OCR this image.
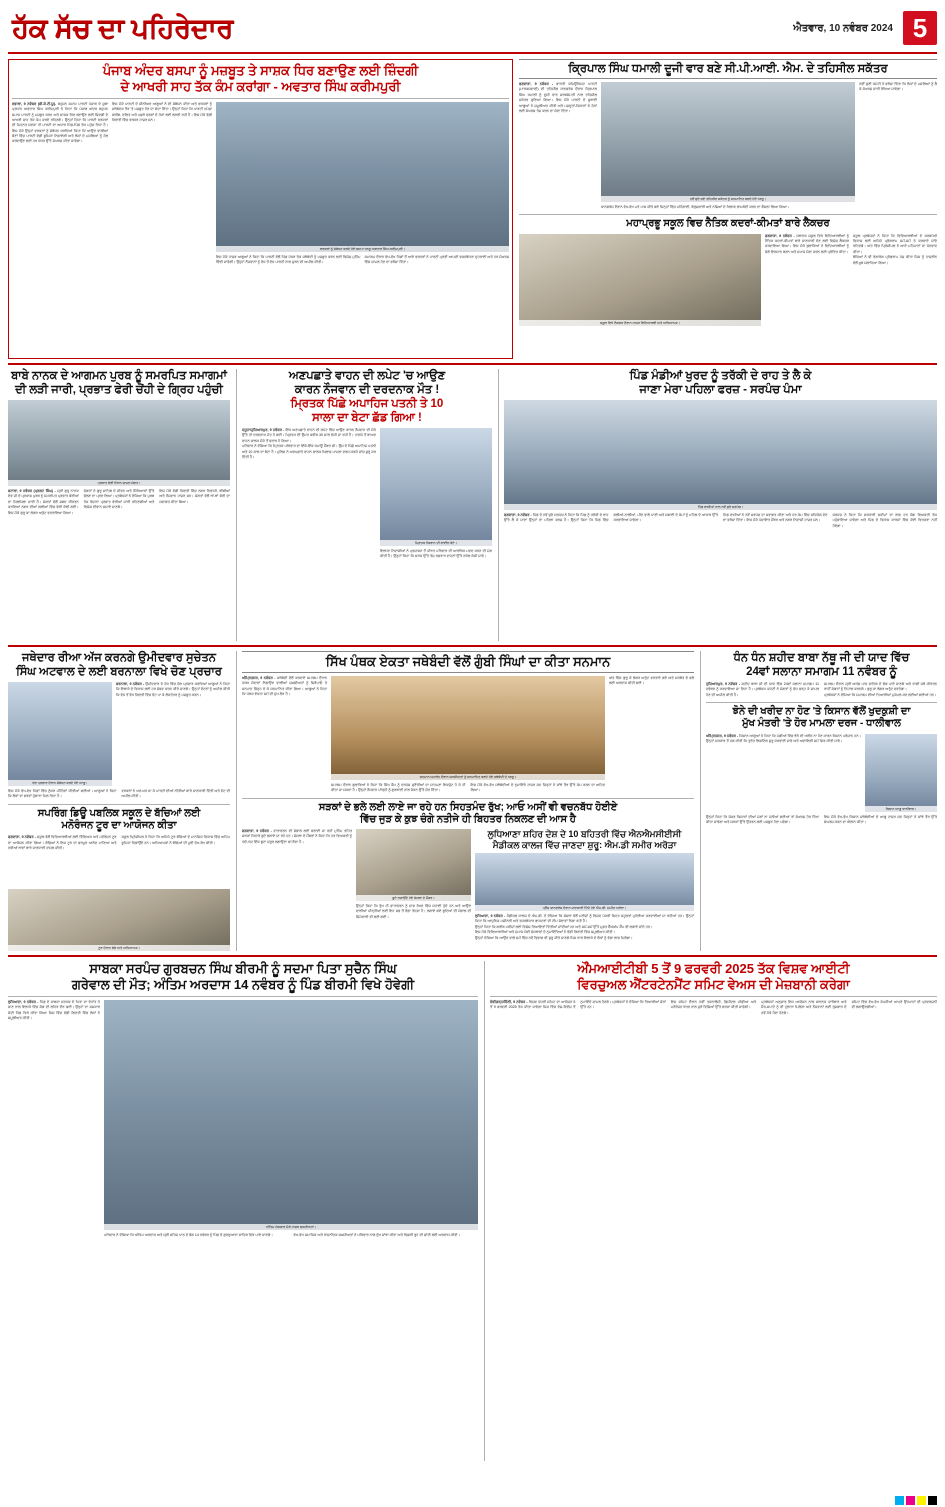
ਹੱਕ ਸੱਚ ਦਾ ਪਹਿਰੇਦਾਰ	ਐਤਵਾਰ, 10 ਨਵੰਬਰ 2024 5
ਪੰਜਾਬ ਅੰਦਰ ਬਸਪਾ ਨੂੰ ਮਜ਼ਬੂਤ ਤੇ ਸਾਸ਼ਕ ਧਿਰ ਬਣਾਉਣ ਲਈ ਜ਼ਿੰਦਗੀ
ਦੇ ਆਖਰੀ ਸਾਹ ਤੱਕ ਕੰਮ ਕਰਾਂਗਾ - ਅਵਤਾਰ ਸਿੰਘ ਕਰੀਮਪੁਰੀ
ਵਡਾਲਾ, 9 ਨਵੰਬਰ (ਬੀ.ਕੇ.ਟੀ.ਯੂ)- ਬਹੁਜਨ ਸਮਾਜ ਪਾਰਟੀ ਪੰਜਾਬ ਦੇ ਸੂਬਾ ਪ੍ਰਧਾਨ ਅਵਤਾਰ ਸਿੰਘ ਕਰੀਮਪੁਰੀ ਨੇ ਕਿਹਾ ਕਿ ਪੰਜਾਬ ਅੰਦਰ ਬਹੁਜਨ ਸਮਾਜ ਪਾਰਟੀ ਨੂੰ ਮਜ਼ਬੂਤ ਕਰਨ ਅਤੇ ਸਾਸ਼ਕ ਧਿਰ ਬਣਾਉਣ ਲਈ ਜ਼ਿੰਦਗੀ ਦੇ ਆਖਰੀ ਸਾਹ ਤੱਕ ਕੰਮ ਕਰਦੇ ਰਹਿਣਗੇ। ਉਨ੍ਹਾਂ ਕਿਹਾ ਕਿ ਪਾਰਟੀ ਵਰਕਰਾਂ ਦੀ ਮਿਹਨਤ ਸਦਕਾ ਹੀ ਪਾਰਟੀ ਦਾ ਅਧਾਰ ਪਿੰਡ-ਪਿੰਡ ਤੱਕ ਪਹੁੰਚ ਰਿਹਾ ਹੈ। ਇਸ ਮੌਕੇ ਉਨ੍ਹਾਂ ਵਰਕਰਾਂ ਨੂੰ ਸੰਬੋਧਨ ਕਰਦਿਆਂ ਕਿਹਾ ਕਿ ਆਉਣ ਵਾਲੀਆਂ ਚੋਣਾਂ ਵਿੱਚ ਪਾਰਟੀ ਵੱਡੀ ਭੂਮਿਕਾ ਨਿਭਾਏਗੀ ਅਤੇ ਲੋਕਾਂ ਦੇ ਮਸਲਿਆਂ ਨੂੰ ਹੱਲ ਕਰਵਾਉਣ ਲਈ ਹਰ ਪੱਧਰ ਉੱਤੇ ਸੰਘਰਸ਼ ਕੀਤਾ ਜਾਵੇਗਾ।
ਇਸ ਮੌਕੇ ਪਾਰਟੀ ਦੇ ਸੀਨੀਅਰ ਆਗੂਆਂ ਨੇ ਵੀ ਸੰਬੋਧਨ ਕੀਤਾ ਅਤੇ ਵਰਕਰਾਂ ਨੂੰ ਜਥੇਬੰਦਕ ਤੌਰ 'ਤੇ ਮਜ਼ਬੂਤ ਹੋਣ ਦਾ ਸੱਦਾ ਦਿੱਤਾ। ਉਨ੍ਹਾਂ ਕਿਹਾ ਕਿ ਪਾਰਟੀ ਹਮੇਸ਼ਾ ਗਰੀਬ, ਦਲਿਤ ਅਤੇ ਪਛੜੇ ਵਰਗਾਂ ਦੇ ਹੱਕਾਂ ਲਈ ਲੜਦੀ ਰਹੀ ਹੈ। ਇਸ ਮੌਕੇ ਵੱਡੀ ਗਿਣਤੀ ਵਿੱਚ ਵਰਕਰ ਹਾਜ਼ਰ ਸਨ।
ਵਰਕਰਾਂ ਨੂੰ ਸੰਬੋਧਨ ਕਰਦੇ ਹੋਏ ਬਸਪਾ ਆਗੂ ਅਵਤਾਰ ਸਿੰਘ ਕਰੀਮਪੁਰੀ।
ਇਸ ਮੌਕੇ ਹਾਜ਼ਰ ਆਗੂਆਂ ਨੇ ਕਿਹਾ ਕਿ ਪਾਰਟੀ ਵੱਲੋਂ ਪਿੰਡ ਪੱਧਰ ਤੱਕ ਜਥੇਬੰਦੀ ਨੂੰ ਮਜ਼ਬੂਤ ਕਰਨ ਲਈ ਵਿਸ਼ੇਸ਼ ਮੁਹਿੰਮ ਵਿੱਢੀ ਜਾਵੇਗੀ। ਉਨ੍ਹਾਂ ਨੌਜਵਾਨਾਂ ਨੂੰ ਵੱਧ ਤੋਂ ਵੱਧ ਪਾਰਟੀ ਨਾਲ ਜੁੜਨ ਦੀ ਅਪੀਲ ਕੀਤੀ।
ਸਮਾਗਮ ਦੌਰਾਨ ਵੱਖ-ਵੱਖ ਪਿੰਡਾਂ ਤੋਂ ਆਏ ਵਰਕਰਾਂ ਨੇ ਪਾਰਟੀ ਪ੍ਰਤੀ ਆਪਣੀ ਵਚਨਬੱਧਤਾ ਦੁਹਰਾਈ ਅਤੇ ਹਰ ਸੰਘਰਸ਼ ਵਿੱਚ ਸ਼ਾਮਲ ਹੋਣ ਦਾ ਭਰੋਸਾ ਦਿੱਤਾ।
ਕ੍ਰਿਪਾਲ ਸਿੰਘ ਧਮਾਲੀ ਦੂਜੀ ਵਾਰ ਬਣੇ ਸੀ.ਪੀ.ਆਈ. ਐਮ. ਦੇ ਤਹਿਸੀਲ ਸਕੱਤਰ
ਫਗਵਾੜਾ, 9 ਨਵੰਬਰ - ਭਾਰਤੀ ਕਮਿਊਨਿਸਟ ਪਾਰਟੀ (ਮਾਰਕਸਵਾਦੀ) ਦੀ ਤਹਿਸੀਲ ਕਾਨਫਰੰਸ ਦੌਰਾਨ ਕ੍ਰਿਪਾਲ ਸਿੰਘ ਧਮਾਲੀ ਨੂੰ ਦੂਜੀ ਵਾਰ ਸਰਬਸੰਮਤੀ ਨਾਲ ਤਹਿਸੀਲ ਸਕੱਤਰ ਚੁਣਿਆ ਗਿਆ। ਇਸ ਮੌਕੇ ਪਾਰਟੀ ਦੇ ਸੂਬਾਈ ਆਗੂਆਂ ਨੇ ਸ਼ਮੂਲੀਅਤ ਕੀਤੀ ਅਤੇ ਮਜ਼ਦੂਰਾਂ-ਕਿਸਾਨਾਂ ਦੇ ਹੱਕਾਂ ਲਈ ਸੰਘਰਸ਼ ਤੇਜ਼ ਕਰਨ ਦਾ ਸੱਦਾ ਦਿੱਤਾ।
ਨਵੇਂ ਚੁਣੇ ਗਏ ਤਹਿਸੀਲ ਸਕੱਤਰ ਨੂੰ ਸਨਮਾਨਿਤ ਕਰਦੇ ਹੋਏ ਆਗੂ।
ਕਾਨਫਰੰਸ ਦੌਰਾਨ ਵੱਖ-ਵੱਖ ਮਤੇ ਪਾਸ ਕੀਤੇ ਗਏ ਜਿਨ੍ਹਾਂ ਵਿੱਚ ਮਹਿੰਗਾਈ, ਬੇਰੁਜ਼ਗਾਰੀ ਅਤੇ ਨਸ਼ਿਆਂ ਦੇ ਖਿਲਾਫ ਲਾਮਬੰਦੀ ਕਰਨ ਦਾ ਫੈਸਲਾ ਲਿਆ ਗਿਆ।
ਨਵੀਂ ਚੁਣੀ ਕਮੇਟੀ ਨੇ ਭਰੋਸਾ ਦਿੱਤਾ ਕਿ ਲੋਕਾਂ ਦੇ ਮਸਲਿਆਂ ਨੂੰ ਲੈ ਕੇ ਸੰਘਰਸ਼ ਜਾਰੀ ਰੱਖਿਆ ਜਾਵੇਗਾ।
ਮਹਾਪ੍ਰਭੂ ਸਕੂਲ ਵਿਚ ਨੈਤਿਕ ਕਦਰਾਂ-ਕੀਮਤਾਂ ਬਾਰੇ ਲੈਕਚਰ
ਸਕੂਲ ਵਿਖੇ ਲੈਕਚਰ ਦੌਰਾਨ ਹਾਜ਼ਰ ਵਿਦਿਆਰਥੀ ਅਤੇ ਅਧਿਆਪਕ।
ਫਗਵਾੜਾ, 9 ਨਵੰਬਰ - ਸਥਾਨਕ ਸਕੂਲ ਵਿਖੇ ਵਿਦਿਆਰਥੀਆਂ ਨੂੰ ਨੈਤਿਕ ਕਦਰਾਂ-ਕੀਮਤਾਂ ਬਾਰੇ ਜਾਣਕਾਰੀ ਦੇਣ ਲਈ ਵਿਸ਼ੇਸ਼ ਲੈਕਚਰ ਕਰਵਾਇਆ ਗਿਆ। ਇਸ ਮੌਕੇ ਬੁਲਾਰਿਆਂ ਨੇ ਵਿਦਿਆਰਥੀਆਂ ਨੂੰ ਚੰਗੇ ਇਨਸਾਨ ਬਣਨ ਅਤੇ ਸਮਾਜ ਸੇਵਾ ਕਰਨ ਲਈ ਪ੍ਰੇਰਿਤ ਕੀਤਾ।
ਸਕੂਲ ਪ੍ਰਬੰਧਕਾਂ ਨੇ ਕਿਹਾ ਕਿ ਵਿਦਿਆਰਥੀਆਂ ਦੇ ਸਰਬਪੱਖੀ ਵਿਕਾਸ ਲਈ ਅਜਿਹੇ ਪ੍ਰੋਗਰਾਮ ਸਮੇਂ-ਸਮੇਂ ਤੇ ਕਰਵਾਏ ਜਾਂਦੇ ਰਹਿਣਗੇ। ਅੰਤ ਵਿੱਚ ਪ੍ਰਿੰਸੀਪਲ ਨੇ ਆਏ ਮਹਿਮਾਨਾਂ ਦਾ ਧੰਨਵਾਦ ਕੀਤਾ।
ਬੱਚਿਆਂ ਨੇ ਵੀ ਰੰਗਾਰੰਗ ਪ੍ਰੋਗਰਾਮ ਪੇਸ਼ ਕੀਤਾ ਜਿਸ ਨੂੰ ਹਾਜ਼ਰੀਨ ਵੱਲੋਂ ਖ਼ੂਬ ਸਲਾਹਿਆ ਗਿਆ।
ਬਾਬੇ ਨਾਨਕ ਦੇ ਆਗਮਨ ਪੁਰਬ ਨੂੰ ਸਮਰਪਿਤ ਸਮਾਗਮਾਂ
ਦੀ ਲੜੀ ਜਾਰੀ, ਪ੍ਰਭਾਤ ਫੇਰੀ ਚੋਂਹੀ ਦੇ ਗ੍ਰਿਹ ਪਹੁੰਚੀ
ਪ੍ਰਭਾਤ ਫੇਰੀ ਦੌਰਾਨ ਸ਼ਾਮਲ ਸੰਗਤ।
ਬਟਾਲਾ, 9 ਨਵੰਬਰ (ਪ੍ਰਗਟ ਸਿੰਘ) - ਸ੍ਰੀ ਗੁਰੂ ਨਾਨਕ ਦੇਵ ਜੀ ਦੇ ਪ੍ਰਕਾਸ਼ ਪੁਰਬ ਨੂੰ ਸਮਰਪਿਤ ਪ੍ਰਭਾਤ ਫੇਰੀਆਂ ਦਾ ਸਿਲਸਿਲਾ ਜਾਰੀ ਹੈ। ਸੰਗਤਾਂ ਵੱਲੋਂ ਸ਼ਬਦ ਕੀਰਤਨ ਕਰਦਿਆਂ ਨਗਰ ਦੀਆਂ ਗਲੀਆਂ ਵਿੱਚ ਫੇਰੀ ਕੱਢੀ ਗਈ। ਇਸ ਮੌਕੇ ਗੁਰੂ ਕਾ ਲੰਗਰ ਅਤੁੱਟ ਵਰਤਾਇਆ ਗਿਆ।
ਸੰਗਤਾਂ ਨੇ ਗੁਰੂ ਸਾਹਿਬ ਦੇ ਜੀਵਨ ਅਤੇ ਸਿੱਖਿਆਵਾਂ ਉੱਤੇ ਚੱਲਣ ਦਾ ਪ੍ਰਣ ਲਿਆ। ਪ੍ਰਬੰਧਕਾਂ ਨੇ ਦੱਸਿਆ ਕਿ ਪੁਰਬ ਤੱਕ ਰੋਜ਼ਾਨਾ ਪ੍ਰਭਾਤ ਫੇਰੀਆਂ ਜਾਰੀ ਰਹਿਣਗੀਆਂ ਅਤੇ ਵਿਸ਼ੇਸ਼ ਦੀਵਾਨ ਸਜਾਏ ਜਾਣਗੇ।
ਇਸ ਮੌਕੇ ਵੱਡੀ ਗਿਣਤੀ ਵਿੱਚ ਨਗਰ ਨਿਵਾਸੀ, ਬੀਬੀਆਂ ਅਤੇ ਨੌਜਵਾਨ ਹਾਜ਼ਰ ਸਨ। ਸੰਗਤਾਂ ਵੱਲੋਂ ਥਾਂ-ਥਾਂ ਫੇਰੀ ਦਾ ਸਵਾਗਤ ਕੀਤਾ ਗਿਆ।
ਅਣਪਛਾਤੇ ਵਾਹਨ ਦੀ ਲਪੇਟ 'ਚ ਆਉਣ
ਕਾਰਨ ਨੌਜਵਾਨ ਦੀ ਦਰਦਨਾਕ ਮੌਤ !
ਮ੍ਰਿਤਕ ਪਿੱਛੇ ਅਪਾਹਿਜ ਪਤਨੀ ਤੇ 10
ਸਾਲਾ ਦਾ ਬੇਟਾ ਛੱਡ ਗਿਆ !
ਦਸੂਹਾ/ਹੁਸ਼ਿਆਰਪੁਰ, 9 ਨਵੰਬਰ - ਇੱਕ ਅਣਪਛਾਤੇ ਵਾਹਨ ਦੀ ਲਪੇਟ ਵਿੱਚ ਆਉਣ ਕਾਰਨ ਨੌਜਵਾਨ ਦੀ ਮੌਕੇ ਉੱਤੇ ਹੀ ਦਰਦਨਾਕ ਮੌਤ ਹੋ ਗਈ। ਮ੍ਰਿਤਕ ਦੀ ਉਮਰ ਕਰੀਬ 30 ਸਾਲ ਦੱਸੀ ਜਾ ਰਹੀ ਹੈ। ਹਾਦਸੇ ਤੋਂ ਬਾਅਦ ਵਾਹਨ ਚਾਲਕ ਮੌਕੇ ਤੋਂ ਫਰਾਰ ਹੋ ਗਿਆ।
ਪਰਿਵਾਰ ਨੇ ਦੱਸਿਆ ਕਿ ਮ੍ਰਿਤਕ ਪਰਿਵਾਰ ਦਾ ਇੱਕੋ-ਇੱਕ ਕਮਾਊ ਮੈਂਬਰ ਸੀ। ਉਸ ਦੇ ਪਿੱਛੇ ਅਪਾਹਿਜ ਪਤਨੀ ਅਤੇ 10 ਸਾਲ ਦਾ ਬੇਟਾ ਹੈ। ਪੁਲਿਸ ਨੇ ਅਣਪਛਾਤੇ ਵਾਹਨ ਚਾਲਕ ਖ਼ਿਲਾਫ਼ ਮਾਮਲਾ ਦਰਜ ਕਰਕੇ ਜਾਂਚ ਸ਼ੁਰੂ ਕਰ ਦਿੱਤੀ ਹੈ।
ਮ੍ਰਿਤਕ ਨੌਜਵਾਨ ਦੀ ਫਾਈਲ ਫੋਟੋ।
ਇਲਾਕਾ ਨਿਵਾਸੀਆਂ ਨੇ ਪ੍ਰਸ਼ਾਸਨ ਤੋਂ ਪੀੜਤ ਪਰਿਵਾਰ ਦੀ ਆਰਥਿਕ ਮਦਦ ਕਰਨ ਦੀ ਮੰਗ ਕੀਤੀ ਹੈ। ਉਨ੍ਹਾਂ ਕਿਹਾ ਕਿ ਸੜਕ ਉੱਤੇ ਤੇਜ਼ ਰਫ਼ਤਾਰ ਵਾਹਨਾਂ ਉੱਤੇ ਨਕੇਲ ਕੱਸੀ ਜਾਵੇ।
ਪਿੰਡ ਮੰਡੀਆਂ ਖੁਰਦ ਨੂੰ ਤਰੱਕੀ ਦੇ ਰਾਹ ਤੇ ਲੈ ਕੇ
ਜਾਣਾ ਮੇਰਾ ਪਹਿਲਾ ਫਰਜ਼ - ਸਰਪੰਚ ਪੰਮਾ
ਪਿੰਡ ਵਾਸੀਆਂ ਨਾਲ ਨਵੇਂ ਚੁਣੇ ਸਰਪੰਚ।
ਫਗਵਾੜਾ, 9 ਨਵੰਬਰ - ਪਿੰਡ ਦੇ ਨਵੇਂ ਚੁਣੇ ਸਰਪੰਚ ਨੇ ਕਿਹਾ ਕਿ ਪਿੰਡ ਨੂੰ ਤਰੱਕੀ ਦੇ ਰਾਹ ਉੱਤੇ ਲੈ ਕੇ ਜਾਣਾ ਉਨ੍ਹਾਂ ਦਾ ਪਹਿਲਾ ਫਰਜ਼ ਹੈ। ਉਨ੍ਹਾਂ ਕਿਹਾ ਕਿ ਪਿੰਡ ਵਿੱਚ ਗਲੀਆਂ-ਨਾਲੀਆਂ, ਪੀਣ ਵਾਲੇ ਪਾਣੀ ਅਤੇ ਸਫਾਈ ਦੇ ਕੰਮਾਂ ਨੂੰ ਪਹਿਲ ਦੇ ਆਧਾਰ ਉੱਤੇ ਕਰਵਾਇਆ ਜਾਵੇਗਾ।
ਪਿੰਡ ਵਾਸੀਆਂ ਨੇ ਨਵੇਂ ਸਰਪੰਚ ਦਾ ਸਵਾਗਤ ਕੀਤਾ ਅਤੇ ਹਰ ਕੰਮ ਵਿੱਚ ਸਹਿਯੋਗ ਦੇਣ ਦਾ ਭਰੋਸਾ ਦਿੱਤਾ। ਇਸ ਮੌਕੇ ਪੰਚਾਇਤ ਮੈਂਬਰ ਅਤੇ ਨਗਰ ਨਿਵਾਸੀ ਹਾਜ਼ਰ ਸਨ।
ਸਰਪੰਚ ਨੇ ਕਿਹਾ ਕਿ ਸਰਕਾਰੀ ਸਕੀਮਾਂ ਦਾ ਲਾਭ ਹਰ ਯੋਗ ਵਿਅਕਤੀ ਤੱਕ ਪਹੁੰਚਾਇਆ ਜਾਵੇਗਾ ਅਤੇ ਪਿੰਡ ਦੇ ਵਿਕਾਸ ਕਾਰਜਾਂ ਵਿੱਚ ਕੋਈ ਵਿਤਕਰਾ ਨਹੀਂ ਹੋਵੇਗਾ।
ਜਥੇਦਾਰ ਰੀਆ ਅੱਜ ਕਰਨਗੇ ਉਮੀਦਵਾਰ ਸੁਚੇਤਨ
ਸਿੰਘ ਅਟਵਾਲ ਦੇ ਲਈ ਬਰਨਾਲਾ ਵਿਖੇ ਚੋਣ ਪ੍ਰਚਾਰ
ਚੋਣ ਪ੍ਰਚਾਰ ਦੌਰਾਨ ਸੰਬੋਧਨ ਕਰਦੇ ਹੋਏ ਆਗੂ।
ਬਰਨਾਲਾ, 9 ਨਵੰਬਰ - ਉਮੀਦਵਾਰ ਦੇ ਹੱਕ ਵਿੱਚ ਚੋਣ ਪ੍ਰਚਾਰ ਕਰਦਿਆਂ ਆਗੂਆਂ ਨੇ ਕਿਹਾ ਕਿ ਇਲਾਕੇ ਦੇ ਵਿਕਾਸ ਲਈ ਹਰ ਸੰਭਵ ਯਤਨ ਕੀਤੇ ਜਾਣਗੇ। ਉਨ੍ਹਾਂ ਵੋਟਰਾਂ ਨੂੰ ਅਪੀਲ ਕੀਤੀ ਕਿ ਵੱਧ ਤੋਂ ਵੱਧ ਗਿਣਤੀ ਵਿੱਚ ਵੋਟ ਪਾ ਕੇ ਲੋਕਤੰਤਰ ਨੂੰ ਮਜ਼ਬੂਤ ਕਰਨ।
ਇਸ ਮੌਕੇ ਵੱਖ-ਵੱਖ ਪਿੰਡਾਂ ਵਿੱਚ ਨੁੱਕੜ ਮੀਟਿੰਗਾਂ ਕੀਤੀਆਂ ਗਈਆਂ। ਆਗੂਆਂ ਨੇ ਕਿਹਾ ਕਿ ਲੋਕਾਂ ਦਾ ਭਰਵਾਂ ਹੁੰਗਾਰਾ ਮਿਲ ਰਿਹਾ ਹੈ।
ਵਰਕਰਾਂ ਨੇ ਘਰ-ਘਰ ਜਾ ਕੇ ਪਾਰਟੀ ਦੀਆਂ ਨੀਤੀਆਂ ਬਾਰੇ ਜਾਣਕਾਰੀ ਦਿੱਤੀ ਅਤੇ ਵੋਟ ਦੀ ਅਪੀਲ ਕੀਤੀ।
ਸਪਰਿੰਗ ਡਿਊ ਪਬਲਿਕ ਸਕੂਲ ਦੇ ਬੱਚਿਆਂ ਲਈ
ਮਨੋਰੰਜਨ ਟੂਰ ਦਾ ਆਯੋਜਨ ਕੀਤਾ
ਫਗਵਾੜਾ, 9 ਨਵੰਬਰ - ਸਕੂਲ ਵੱਲੋਂ ਵਿਦਿਆਰਥੀਆਂ ਲਈ ਵਿੱਦਿਅਕ ਅਤੇ ਮਨੋਰੰਜਨ ਟੂਰ ਦਾ ਆਯੋਜਨ ਕੀਤਾ ਗਿਆ। ਬੱਚਿਆਂ ਨੇ ਇਸ ਟੂਰ ਦਾ ਭਰਪੂਰ ਆਨੰਦ ਮਾਣਿਆ ਅਤੇ ਨਵੀਆਂ ਥਾਵਾਂ ਬਾਰੇ ਜਾਣਕਾਰੀ ਹਾਸਲ ਕੀਤੀ।
ਸਕੂਲ ਪ੍ਰਿੰਸੀਪਲ ਨੇ ਕਿਹਾ ਕਿ ਅਜਿਹੇ ਟੂਰ ਬੱਚਿਆਂ ਦੇ ਮਾਨਸਿਕ ਵਿਕਾਸ ਵਿੱਚ ਅਹਿਮ ਭੂਮਿਕਾ ਨਿਭਾਉਂਦੇ ਹਨ। ਅਧਿਆਪਕਾਂ ਨੇ ਬੱਚਿਆਂ ਦੀ ਪੂਰੀ ਦੇਖ-ਰੇਖ ਕੀਤੀ।
ਟੂਰ ਦੌਰਾਨ ਬੱਚੇ ਅਤੇ ਅਧਿਆਪਕ।
ਸਿੱਖ ਪੰਥਕ ਏਕਤਾ ਜਥੇਬੰਦੀ ਵੱਲੋਂ ਗੁੰਬੀ ਸਿੰਘਾਂ ਦਾ ਕੀਤਾ ਸਨਮਾਨ
ਅੰਮ੍ਰਿਤਸਰ, 9 ਨਵੰਬਰ - ਜਥੇਬੰਦੀ ਵੱਲੋਂ ਕਰਵਾਏ ਸਮਾਗਮ ਦੌਰਾਨ ਪੰਥਕ ਸੇਵਾਵਾਂ ਨਿਭਾਉਣ ਵਾਲੀਆਂ ਸ਼ਖ਼ਸੀਅਤਾਂ ਨੂੰ ਸਿਰੋਪਾਓ ਤੇ ਸਨਮਾਨ ਚਿੰਨ੍ਹ ਦੇ ਕੇ ਸਨਮਾਨਿਤ ਕੀਤਾ ਗਿਆ। ਆਗੂਆਂ ਨੇ ਕਿਹਾ ਕਿ ਪੰਥਕ ਏਕਤਾ ਸਮੇਂ ਦੀ ਮੁੱਖ ਲੋੜ ਹੈ।
ਸਨਮਾਨ ਸਮਾਰੋਹ ਦੌਰਾਨ ਸ਼ਖ਼ਸੀਅਤਾਂ ਨੂੰ ਸਨਮਾਨਿਤ ਕਰਦੇ ਹੋਏ ਜਥੇਬੰਦੀ ਦੇ ਆਗੂ।
ਸਮਾਗਮ ਦੌਰਾਨ ਬੁਲਾਰਿਆਂ ਨੇ ਕਿਹਾ ਕਿ ਸਿੱਖ ਕੌਮ ਨੂੰ ਦਰਪੇਸ਼ ਚੁਣੌਤੀਆਂ ਦਾ ਸਾਹਮਣਾ ਇਕਜੁੱਟ ਹੋ ਕੇ ਹੀ ਕੀਤਾ ਜਾ ਸਕਦਾ ਹੈ। ਉਨ੍ਹਾਂ ਨੌਜਵਾਨ ਪੀੜ੍ਹੀ ਨੂੰ ਗੁਰਬਾਣੀ ਨਾਲ ਜੋੜਨ ਉੱਤੇ ਜ਼ੋਰ ਦਿੱਤਾ।
ਇਸ ਮੌਕੇ ਵੱਖ-ਵੱਖ ਜਥੇਬੰਦੀਆਂ ਦੇ ਨੁਮਾਇੰਦੇ ਹਾਜ਼ਰ ਸਨ ਜਿਨ੍ਹਾਂ ਨੇ ਸਾਂਝੇ ਤੌਰ ਉੱਤੇ ਕੰਮ ਕਰਨ ਦਾ ਅਹਿਦ ਲਿਆ।
ਅੰਤ ਵਿੱਚ ਗੁਰੂ ਕੇ ਲੰਗਰ ਅਤੁੱਟ ਵਰਤਾਏ ਗਏ ਅਤੇ ਸਰਬੱਤ ਦੇ ਭਲੇ ਲਈ ਅਰਦਾਸ ਕੀਤੀ ਗਈ।
ਸੜਕਾਂ ਦੇ ਭਲੇ ਲਈ ਲਾਏ ਜਾ ਰਹੇ ਹਨ ਸਿਹਤਮੰਦ ਰੁੱਖ; ਆਓ ਅਸੀਂ ਵੀ ਵਚਨਬੱਧ ਹੋਈਏ
ਵਿੱਚ ਜੁੜ ਕੇ ਕੁਝ ਚੰਗੇ ਨਤੀਜੇ ਹੀ ਬਿਹਤਰ ਨਿਕਲਣ ਦੀ ਆਸ ਹੈ
ਫਗਵਾੜਾ, 9 ਨਵੰਬਰ - ਵਾਤਾਵਰਨ ਦੀ ਸੰਭਾਲ ਲਈ ਚਲਾਈ ਜਾ ਰਹੀ ਮੁਹਿੰਮ ਤਹਿਤ ਸੜਕਾਂ ਕਿਨਾਰੇ ਬੂਟੇ ਲਗਾਏ ਜਾ ਰਹੇ ਹਨ। ਸੰਸਥਾ ਦੇ ਮੈਂਬਰਾਂ ਨੇ ਕਿਹਾ ਕਿ ਹਰ ਵਿਅਕਤੀ ਨੂੰ ਘੱਟੋ-ਘੱਟ ਇੱਕ ਬੂਟਾ ਜ਼ਰੂਰ ਲਗਾਉਣਾ ਚਾਹੀਦਾ ਹੈ।
ਬੂਟੇ ਲਗਾਉਂਦੇ ਹੋਏ ਸੰਸਥਾ ਦੇ ਮੈਂਬਰ।
ਉਨ੍ਹਾਂ ਕਿਹਾ ਕਿ ਰੁੱਖ ਹੀ ਵਾਤਾਵਰਨ ਨੂੰ ਸਾਫ ਰੱਖਣ ਵਿੱਚ ਸਹਾਈ ਹੁੰਦੇ ਹਨ ਅਤੇ ਆਉਣ ਵਾਲੀਆਂ ਪੀੜ੍ਹੀਆਂ ਲਈ ਇਹ ਸਭ ਤੋਂ ਵੱਡਾ ਤੋਹਫ਼ਾ ਹੈ। ਲਗਾਏ ਗਏ ਬੂਟਿਆਂ ਦੀ ਸੰਭਾਲ ਦੀ ਜ਼ਿੰਮੇਵਾਰੀ ਵੀ ਲਈ ਗਈ।
ਲੁਧਿਆਣਾ ਸ਼ਹਿਰ ਦੇਸ਼ ਦੇ 10 ਬਹਿਤਰੀ ਵਿੱਚ ਐਨਐਮਸੀਈਸੀ
ਮੈਡੀਕਲ ਕਾਲਜ ਵਿੱਚ ਜਾਣਦਾ ਸ਼ੁਰੂ: ਐਮ.ਡੀ ਸਮੀਰ ਅਰੋੜਾ
ਪ੍ਰੈੱਸ ਕਾਨਫਰੰਸ ਦੌਰਾਨ ਜਾਣਕਾਰੀ ਦਿੰਦੇ ਹੋਏ ਐਮ.ਡੀ. ਸਮੀਰ ਅਰੋੜਾ।
ਲੁਧਿਆਣਾ, 9 ਨਵੰਬਰ - ਮੈਡੀਕਲ ਕਾਲਜ ਦੇ ਐਮ.ਡੀ. ਨੇ ਦੱਸਿਆ ਕਿ ਸੰਸਥਾ ਵੱਲੋਂ ਮਰੀਜ਼ਾਂ ਨੂੰ ਵਿਸ਼ਵ ਪੱਧਰੀ ਸਿਹਤ ਸਹੂਲਤਾਂ ਮੁਹੱਈਆ ਕਰਵਾਈਆਂ ਜਾ ਰਹੀਆਂ ਹਨ। ਉਨ੍ਹਾਂ ਕਿਹਾ ਕਿ ਆਧੁਨਿਕ ਮਸ਼ੀਨਰੀ ਅਤੇ ਤਜਰਬੇਕਾਰ ਡਾਕਟਰਾਂ ਦੀ ਟੀਮ ਸੇਵਾਵਾਂ ਨਿਭਾ ਰਹੀ ਹੈ।
ਉਨ੍ਹਾਂ ਕਿਹਾ ਕਿ ਗਰੀਬ ਮਰੀਜ਼ਾਂ ਲਈ ਵਿਸ਼ੇਸ਼ ਰਿਆਇਤਾਂ ਦਿੱਤੀਆਂ ਜਾਂਦੀਆਂ ਹਨ ਅਤੇ ਸਮੇਂ-ਸਮੇਂ ਉੱਤੇ ਮੁਫ਼ਤ ਚੈੱਕਅੱਪ ਕੈਂਪ ਵੀ ਲਗਾਏ ਜਾਂਦੇ ਹਨ।
ਇਸ ਮੌਕੇ ਵਿਦਿਆਰਥੀਆਂ ਅਤੇ ਸਮਾਜ ਸੇਵੀ ਸੰਸਥਾਵਾਂ ਦੇ ਨੁਮਾਇੰਦਿਆਂ ਨੇ ਵੱਡੀ ਗਿਣਤੀ ਵਿੱਚ ਸ਼ਮੂਲੀਅਤ ਕੀਤੀ।
ਉਨ੍ਹਾਂ ਦੱਸਿਆ ਕਿ ਆਉਣ ਵਾਲੇ ਸਮੇਂ ਵਿੱਚ ਨਵੇਂ ਵਿਭਾਗ ਵੀ ਸ਼ੁਰੂ ਕੀਤੇ ਜਾਣਗੇ ਜਿਸ ਨਾਲ ਇਲਾਕੇ ਦੇ ਲੋਕਾਂ ਨੂੰ ਵੱਡਾ ਲਾਭ ਮਿਲੇਗਾ।
ਧੰਨ ਧੰਨ ਸ਼ਹੀਦ ਬਾਬਾ ਨੱਥੂ ਜੀ ਦੀ ਯਾਦ ਵਿੱਚ
24ਵਾਂ ਸਲਾਨਾ ਸਮਾਗਮ 11 ਨਵੰਬਰ ਨੂੰ
ਹੁਸ਼ਿਆਰਪੁਰ, 9 ਨਵੰਬਰ - ਸ਼ਹੀਦ ਬਾਬਾ ਜੀ ਦੀ ਯਾਦ ਵਿੱਚ 24ਵਾਂ ਸਲਾਨਾ ਸਮਾਗਮ 11 ਨਵੰਬਰ ਨੂੰ ਕਰਵਾਇਆ ਜਾ ਰਿਹਾ ਹੈ। ਪ੍ਰਬੰਧਕ ਕਮੇਟੀ ਨੇ ਸੰਗਤਾਂ ਨੂੰ ਵੱਧ ਚੜ੍ਹ ਕੇ ਸ਼ਾਮਲ ਹੋਣ ਦੀ ਅਪੀਲ ਕੀਤੀ ਹੈ।
ਸਮਾਗਮ ਦੌਰਾਨ ਸ੍ਰੀ ਅਖੰਡ ਪਾਠ ਸਾਹਿਬ ਦੇ ਭੋਗ ਪਾਏ ਜਾਣਗੇ ਅਤੇ ਰਾਗੀ ਜਥੇ ਕੀਰਤਨ ਰਾਹੀਂ ਸੰਗਤਾਂ ਨੂੰ ਨਿਹਾਲ ਕਰਨਗੇ। ਗੁਰੂ ਕਾ ਲੰਗਰ ਅਤੁੱਟ ਵਰਤੇਗਾ।
ਪ੍ਰਬੰਧਕਾਂ ਨੇ ਦੱਸਿਆ ਕਿ ਸਮਾਗਮ ਦੀਆਂ ਤਿਆਰੀਆਂ ਮੁਕੰਮਲ ਕਰ ਲਈਆਂ ਗਈਆਂ ਹਨ।
ਝੋਨੇ ਦੀ ਖਰੀਦ ਨਾ ਹੋਣ 'ਤੇ ਕਿਸਾਨ ਵੱਲੋਂ ਖੁਦਕੁਸ਼ੀ ਦਾ
ਮੁੱਖ ਮੰਤਰੀ 'ਤੇ ਹੋਰ ਮਾਮਲਾ ਦਰਜ - ਧਾਲੀਵਾਲ
ਅੰਮ੍ਰਿਤਸਰ, 9 ਨਵੰਬਰ - ਕਿਸਾਨ ਆਗੂਆਂ ਨੇ ਕਿਹਾ ਕਿ ਮੰਡੀਆਂ ਵਿੱਚ ਝੋਨੇ ਦੀ ਖਰੀਦ ਨਾ ਹੋਣ ਕਾਰਨ ਕਿਸਾਨ ਪਰੇਸ਼ਾਨ ਹਨ। ਉਨ੍ਹਾਂ ਸਰਕਾਰ ਤੋਂ ਮੰਗ ਕੀਤੀ ਕਿ ਤੁਰੰਤ ਲਿਫਟਿੰਗ ਸ਼ੁਰੂ ਕਰਵਾਈ ਜਾਵੇ ਅਤੇ ਅਦਾਇਗੀ ਸਮੇਂ ਸਿਰ ਕੀਤੀ ਜਾਵੇ।
ਕਿਸਾਨ ਆਗੂ ਧਾਲੀਵਾਲ।
ਉਨ੍ਹਾਂ ਕਿਹਾ ਕਿ ਜੇਕਰ ਕਿਸਾਨਾਂ ਦੀਆਂ ਮੰਗਾਂ ਨਾ ਮੰਨੀਆਂ ਗਈਆਂ ਤਾਂ ਸੰਘਰਸ਼ ਹੋਰ ਤਿੱਖਾ ਕੀਤਾ ਜਾਵੇਗਾ ਅਤੇ ਸੜਕਾਂ ਉੱਤੇ ਉਤਰਨ ਲਈ ਮਜਬੂਰ ਹੋਣਾ ਪਵੇਗਾ।
ਇਸ ਮੌਕੇ ਵੱਖ-ਵੱਖ ਕਿਸਾਨ ਜਥੇਬੰਦੀਆਂ ਦੇ ਆਗੂ ਹਾਜ਼ਰ ਸਨ ਜਿਨ੍ਹਾਂ ਨੇ ਸਾਂਝੇ ਤੌਰ ਉੱਤੇ ਸੰਘਰਸ਼ ਕਰਨ ਦਾ ਐਲਾਨ ਕੀਤਾ।
ਸਾਬਕਾ ਸਰਪੰਚ ਗੁਰਬਚਨ ਸਿੰਘ ਬੀਰਮੀ ਨੂੰ ਸਦਮਾ ਪਿਤਾ ਸੁਚੈਨ ਸਿੰਘ
ਗਰੇਵਾਲ ਦੀ ਮੌਤ; ਅੰਤਿਮ ਅਰਦਾਸ 14 ਨਵੰਬਰ ਨੂੰ ਪਿੰਡ ਬੀਰਮੀ ਵਿਖੇ ਹੋਵੇਗੀ
ਲੁਧਿਆਣਾ, 9 ਨਵੰਬਰ - ਪਿੰਡ ਦੇ ਸਾਬਕਾ ਸਰਪੰਚ ਦੇ ਪਿਤਾ ਦਾ ਦੇਹਾਂਤ ਹੋ ਜਾਣ ਨਾਲ ਇਲਾਕੇ ਵਿੱਚ ਸੋਗ ਦੀ ਲਹਿਰ ਦੌੜ ਗਈ। ਉਨ੍ਹਾਂ ਦਾ ਸਸਕਾਰ ਜੱਦੀ ਪਿੰਡ ਵਿਖੇ ਕੀਤਾ ਗਿਆ ਜਿਸ ਵਿੱਚ ਵੱਡੀ ਗਿਣਤੀ ਵਿੱਚ ਲੋਕਾਂ ਨੇ ਸ਼ਮੂਲੀਅਤ ਕੀਤੀ।
ਅੰਤਿਮ ਸੰਸਕਾਰ ਮੌਕੇ ਹਾਜ਼ਰ ਸ਼ਖ਼ਸੀਅਤਾਂ।
ਪਰਿਵਾਰ ਨੇ ਦੱਸਿਆ ਕਿ ਅੰਤਿਮ ਅਰਦਾਸ ਅਤੇ ਸ੍ਰੀ ਸਹਿਜ ਪਾਠ ਦੇ ਭੋਗ 14 ਨਵੰਬਰ ਨੂੰ ਪਿੰਡ ਦੇ ਗੁਰਦੁਆਰਾ ਸਾਹਿਬ ਵਿਖੇ ਪਾਏ ਜਾਣਗੇ।	ਵੱਖ-ਵੱਖ ਸਮਾਜਿਕ ਅਤੇ ਰਾਜਨੀਤਕ ਸ਼ਖ਼ਸੀਅਤਾਂ ਨੇ ਪਰਿਵਾਰ ਨਾਲ ਦੁੱਖ ਸਾਂਝਾ ਕੀਤਾ ਅਤੇ ਵਿਛੜੀ ਰੂਹ ਦੀ ਸ਼ਾਂਤੀ ਲਈ ਅਰਦਾਸ ਕੀਤੀ।
ਔਂਮਆਈਟੀਬੀ 5 ਤੋਂ 9 ਫਰਵਰੀ 2025 ਤੱਕ ਵਿਸ਼ਵ ਆਈਟੀ
ਵਿਰਚੁਅਲ ਐਂਟਰਟੇਨਮੈਂਟ ਸਮਿਟ ਵੇਅਸ ਦੀ ਮੇਜ਼ਬਾਨੀ ਕਰੇਗਾ
ਚੰਡੀਗੜ੍ਹ/ਦਿੱਲੀ, 9 ਨਵੰਬਰ - ਵਿਸ਼ਵ ਪੱਧਰੀ ਸਮਿਟ ਦਾ ਆਯੋਜਨ 5 ਤੋਂ 9 ਫਰਵਰੀ 2025 ਤੱਕ ਕੀਤਾ ਜਾਵੇਗਾ ਜਿਸ ਵਿੱਚ ਦੇਸ਼-ਵਿਦੇਸ਼ ਤੋਂ ਨੁਮਾਇੰਦੇ ਸ਼ਾਮਲ ਹੋਣਗੇ। ਪ੍ਰਬੰਧਕਾਂ ਨੇ ਦੱਸਿਆ ਕਿ ਤਿਆਰੀਆਂ ਜ਼ੋਰਾਂ ਉੱਤੇ ਹਨ।
ਇਸ ਸਮਿਟ ਦੌਰਾਨ ਨਵੀਂ ਤਕਨਾਲੋਜੀ, ਡਿਜੀਟਲ ਮੀਡੀਆ ਅਤੇ ਮਨੋਰੰਜਨ ਖੇਤਰ ਨਾਲ ਜੁੜੇ ਵਿਸ਼ਿਆਂ ਉੱਤੇ ਚਰਚਾ ਕੀਤੀ ਜਾਵੇਗੀ।
ਪ੍ਰਬੰਧਕਾਂ ਅਨੁਸਾਰ ਇਸ ਆਯੋਜਨ ਨਾਲ ਸਥਾਨਕ ਕਾਰੋਬਾਰ ਅਤੇ ਸੈਰ-ਸਪਾਟੇ ਨੂੰ ਵੀ ਹੁਲਾਰਾ ਮਿਲੇਗਾ ਅਤੇ ਨੌਜਵਾਨਾਂ ਲਈ ਰੁਜ਼ਗਾਰ ਦੇ ਨਵੇਂ ਮੌਕੇ ਪੈਦਾ ਹੋਣਗੇ।
ਸਮਿਟ ਵਿੱਚ ਵੱਖ-ਵੱਖ ਕੰਪਨੀਆਂ ਆਪਣੇ ਉਤਪਾਦਾਂ ਦੀ ਪ੍ਰਦਰਸ਼ਨੀ ਵੀ ਲਗਾਉਣਗੀਆਂ।
